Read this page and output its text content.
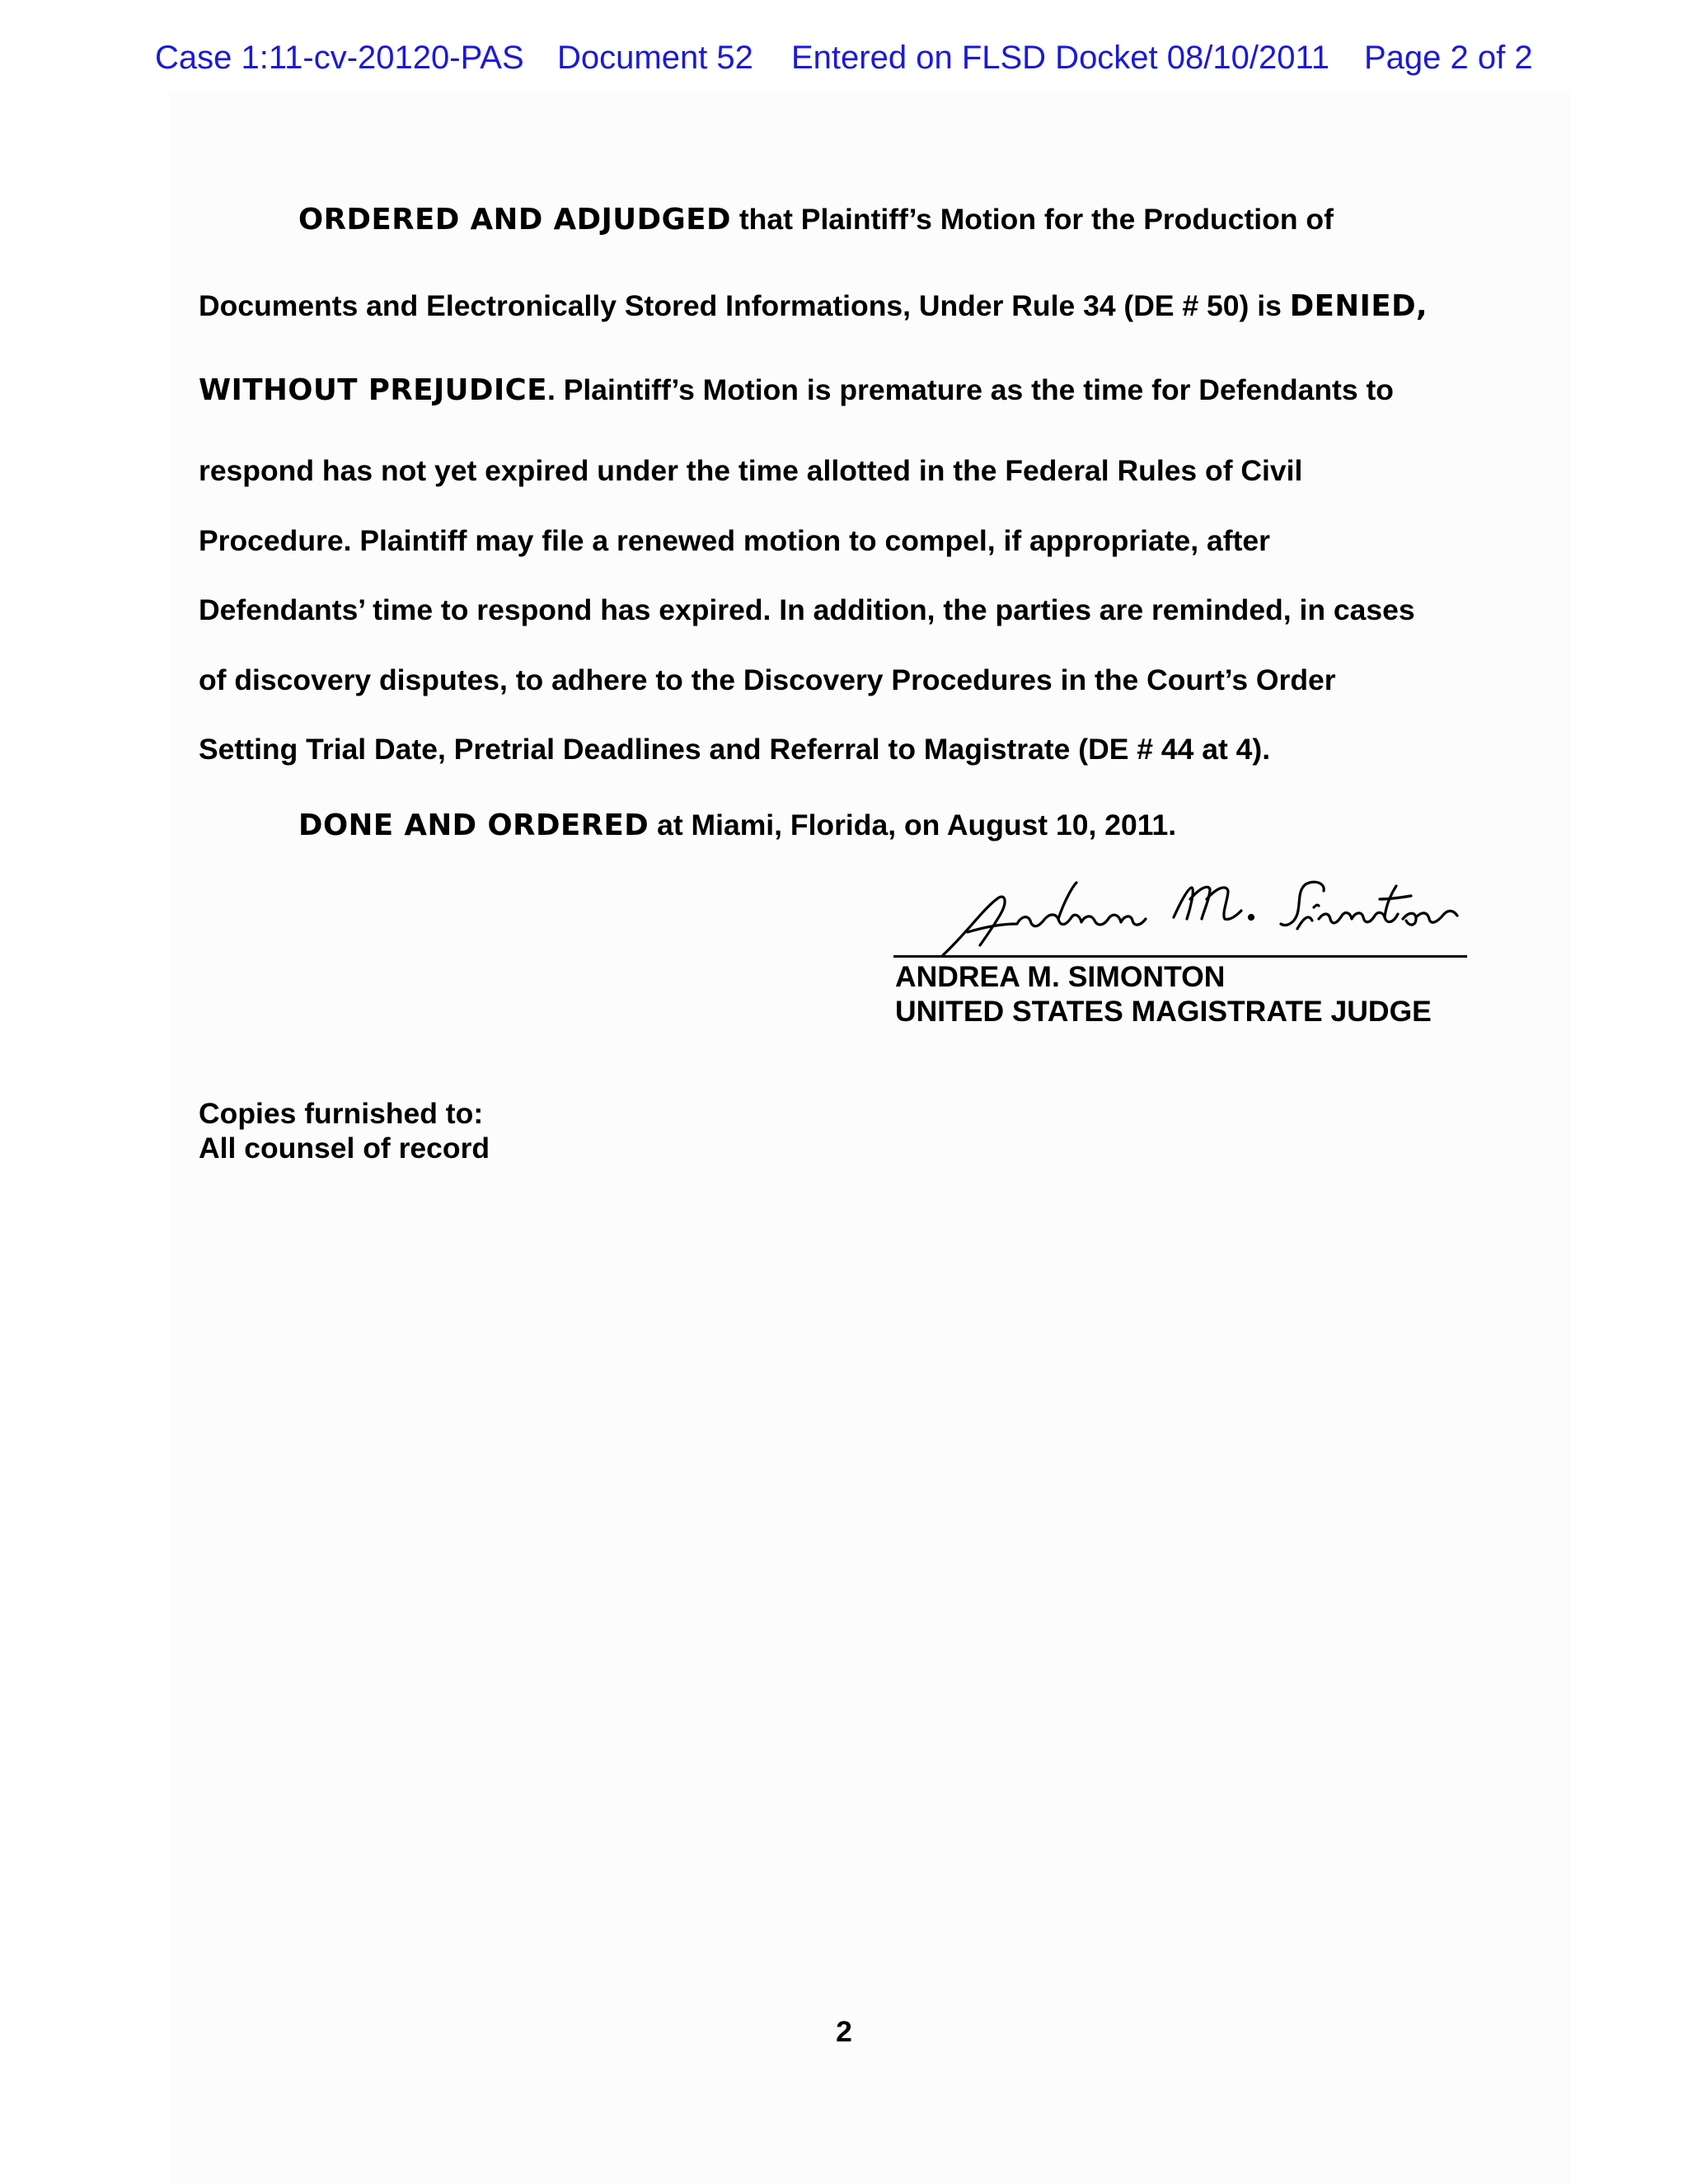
Case 1:11-cv-20120-PAS Document 52 Entered on FLSD Docket 08/10/2011 Page 2 of 2
ORDERED AND ADJUDGED that Plaintiff’s Motion for the Production of
Documents and Electronically Stored Informations, Under Rule 34 (DE # 50) is DENIED,
WITHOUT PREJUDICE. Plaintiff’s Motion is premature as the time for Defendants to
respond has not yet expired under the time allotted in the Federal Rules of Civil
Procedure. Plaintiff may file a renewed motion to compel, if appropriate, after
Defendants’ time to respond has expired. In addition, the parties are reminded, in cases
of discovery disputes, to adhere to the Discovery Procedures in the Court’s Order
Setting Trial Date, Pretrial Deadlines and Referral to Magistrate (DE # 44 at 4).
DONE AND ORDERED at Miami, Florida, on August 10, 2011.
ANDREA M. SIMONTON
UNITED STATES MAGISTRATE JUDGE
Copies furnished to:
All counsel of record
2
